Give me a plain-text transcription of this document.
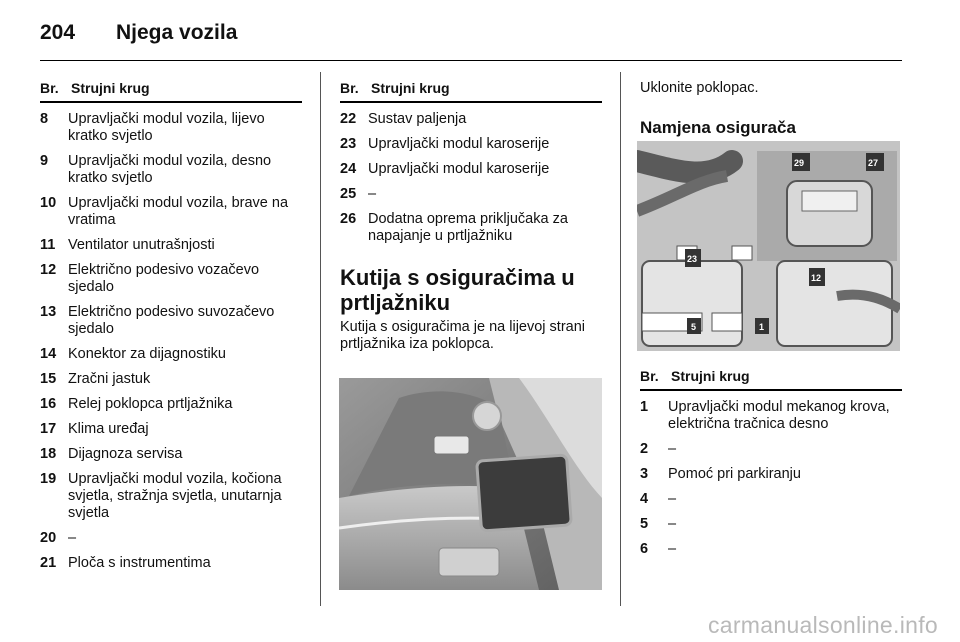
204	Njega vozila
Br. Strujni krug
8	Upravljački modul vozila, lijevo kratko svjetlo
9	Upravljački modul vozila, desno kratko svjetlo
10 Upravljački modul vozila, brave na vratima
11 Ventilator unutrašnjosti
12 Električno podesivo vozačevo sjedalo
13 Električno podesivo suvozačevo sjedalo
14 Konektor za dijagnostiku
15 Zračni jastuk
16 Relej poklopca prtljažnika
17 Klima uređaj
18 Dijagnoza servisa
19 Upravljački modul vozila, kočiona svjetla, stražnja svjetla, unutarnja svjetla
20 –
21 Ploča s instrumentima
Br. Strujni krug
22 Sustav paljenja
23 Upravljački modul karoserije
24 Upravljački modul karoserije
25 –
26 Dodatna oprema priključaka za napajanje u prtljažniku
Kutija s osiguračima u prtljažniku
Kutija s osiguračima je na lijevoj strani prtljažnika iza poklopca.
Uklonite poklopac.
Namjena osigurača
29	27
23
12
5	1
Br. Strujni krug
1	Upravljački modul mekanog krova, električna tračnica desno
2	–
3	Pomoć pri parkiranju
4	–
5	–
6	–
carmanualsonline.info
